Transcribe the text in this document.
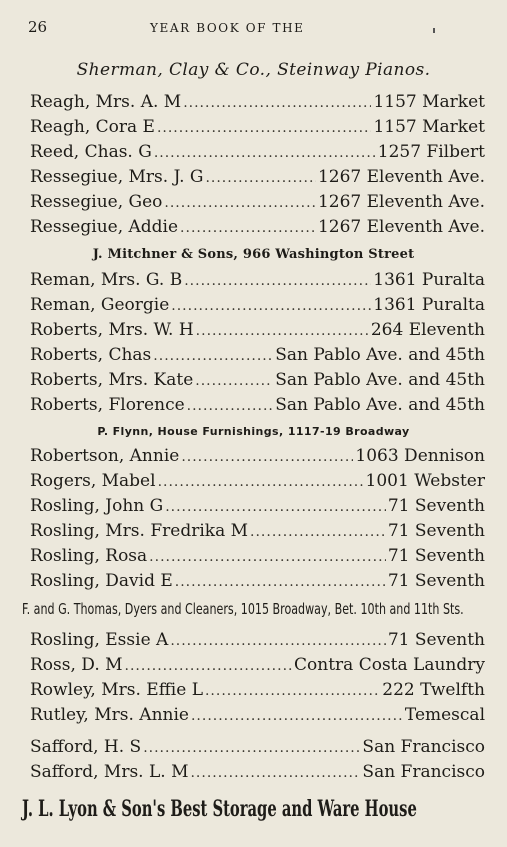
26	YEAR BOOK OF THE
Sherman, Clay & Co., Steinway Pianos.
J. Mitchner & Sons, 966 Washington Street
P. Flynn, House Furnishings, 1117-19 Broadway
F. and G. Thomas, Dyers and Cleaners, 1015 Broadway, Bet. 10th and 11th Sts.
J. L. Lyon & Son's Best Storage and Ware House
Reagh, Mrs. A. M .....	1157 Market
Reagh, Cora E .....	1157 Market
Reed, Chas. G .....	1257 Filbert
Ressegiue, Mrs. J. G .....	1267 Eleventh Ave.
Ressegiue, Geo .....	1267 Eleventh Ave.
Ressegiue, Addie .....	1267 Eleventh Ave.
Reman, Mrs. G. B .....	1361 Puralta
Reman, Georgie .....	1361 Puralta
Roberts, Mrs. W. H .....	264 Eleventh
Roberts, Chas .....	San Pablo Ave. and 45th
Roberts, Mrs. Kate .....	San Pablo Ave. and 45th
Roberts, Florence .....	San Pablo Ave. and 45th
Robertson, Annie .....	1063 Dennison
Rogers, Mabel .....	1001 Webster
Rosling, John G .....	71 Seventh
Rosling, Mrs. Fredrika M .....	71 Seventh
Rosling, Rosa .....	71 Seventh
Rosling, David E .....	71 Seventh
Rosling, Essie A .....	71 Seventh
Ross, D. M .....	Contra Costa Laundry
Rowley, Mrs. Effie L .....	222 Twelfth
Rutley, Mrs. Annie .....	Temescal
Safford, H. S .....	San Francisco
Safford, Mrs. L. M .....	San Francisco
